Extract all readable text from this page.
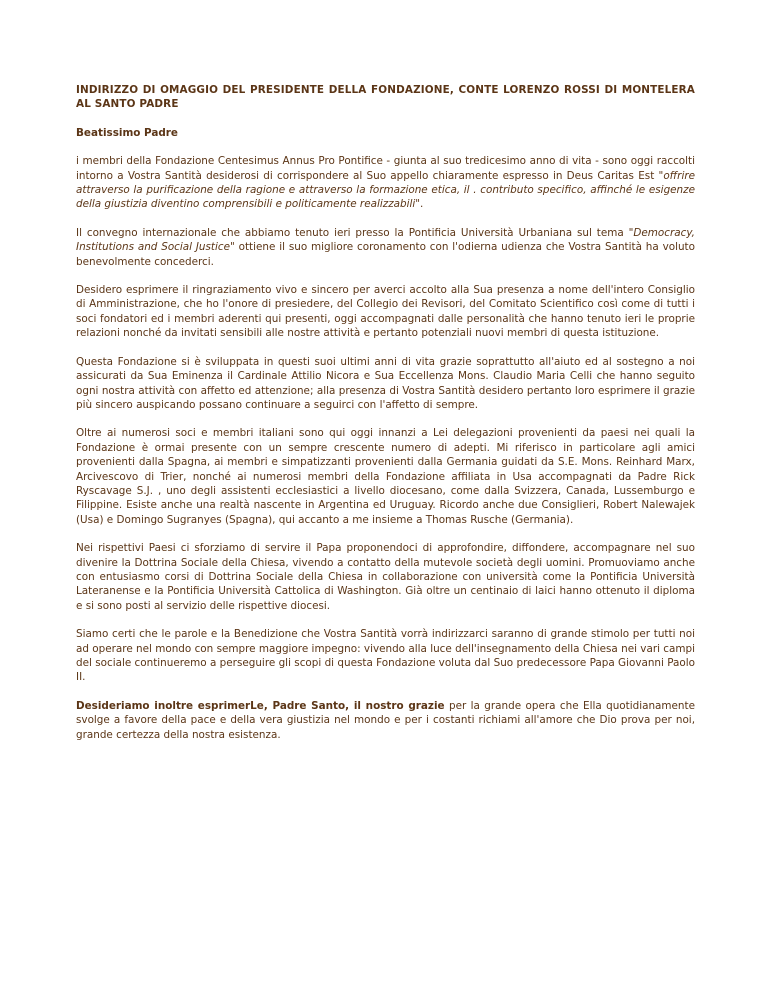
INDIRIZZO DI OMAGGIO DEL PRESIDENTE DELLA FONDAZIONE, CONTE LORENZO ROSSI DI MONTELERA AL SANTO PADRE
Beatissimo Padre

i membri della Fondazione Centesimus Annus Pro Pontifice - giunta al suo tredicesimo anno di vita - sono oggi raccolti intorno a Vostra Santità desiderosi di corrispondere al Suo appello chiaramente espresso in Deus Caritas Est "offrire attraverso la purificazione della ragione e attraverso la formazione etica, il . contributo specifico, affinché le esigenze della giustizia diventino comprensibili e politicamente realizzabili".

Il convegno internazionale che abbiamo tenuto ieri presso la Pontificia Università Urbaniana sul tema "Democracy, Institutions and Social Justice" ottiene il suo migliore coronamento con l'odierna udienza che Vostra Santità ha voluto benevolmente concederci.

Desidero esprimere il ringraziamento vivo e sincero per averci accolto alla Sua presenza a nome dell'intero Consiglio di Amministrazione, che ho l'onore di presiedere, del Collegio dei Revisori, del Comitato Scientifico così come di tutti i soci fondatori ed i membri aderenti qui presenti, oggi accompagnati dalle personalità che hanno tenuto ieri le proprie relazioni nonché da invitati sensibili alle nostre attività e pertanto potenziali nuovi membri di questa istituzione.

Questa Fondazione si è sviluppata in questi suoi ultimi anni di vita grazie soprattutto all'aiuto ed al sostegno a noi assicurati da Sua Eminenza il Cardinale Attilio Nicora e Sua Eccellenza Mons. Claudio Maria Celli che hanno seguito ogni nostra attività con affetto ed attenzione; alla presenza di Vostra Santità desidero pertanto loro esprimere il grazie più sincero auspicando possano continuare a seguirci con l'affetto di sempre.

Oltre ai numerosi soci e membri italiani sono qui oggi innanzi a Lei delegazioni provenienti da paesi nei quali la Fondazione è ormai presente con un sempre crescente numero di adepti. Mi riferisco in particolare agli amici provenienti dalla Spagna, ai membri e simpatizzanti provenienti dalla Germania guidati da S.E. Mons. Reinhard Marx, Arcivescovo di Trier, nonché ai numerosi membri della Fondazione affiliata in Usa accompagnati da Padre Rick Ryscavage S.J. , uno degli assistenti ecclesiastici a livello diocesano, come dalla Svizzera, Canada, Lussemburgo e Filippine. Esiste anche una realtà nascente in Argentina ed Uruguay. Ricordo anche due Consiglieri, Robert Nalewajek (Usa) e Domingo Sugranyes (Spagna), qui accanto a me insieme a Thomas Rusche (Germania).

Nei rispettivi Paesi ci sforziamo di servire il Papa proponendoci di approfondire, diffondere, accompagnare nel suo divenire la Dottrina Sociale della Chiesa, vivendo a contatto della mutevole società degli uomini. Promuoviamo anche con entusiasmo corsi di Dottrina Sociale della Chiesa in collaborazione con università come la Pontificia Università Lateranense e la Pontificia Università Cattolica di Washington. Già oltre un centinaio di laici hanno ottenuto il diploma e si sono posti al servizio delle rispettive diocesi.

Siamo certi che le parole e la Benedizione che Vostra Santità vorrà indirizzarci saranno di grande stimolo per tutti noi ad operare nel mondo con sempre maggiore impegno: vivendo alla luce dell'insegnamento della Chiesa nei vari campi del sociale continueremo a perseguire gli scopi di questa Fondazione voluta dal Suo predecessore Papa Giovanni Paolo II.

Desideriamo inoltre esprimerLe, Padre Santo, il nostro grazie per la grande opera che Ella quotidianamente svolge a favore della pace e della vera giustizia nel mondo e per i costanti richiami all'amore che Dio prova per noi, grande certezza della nostra esistenza.
